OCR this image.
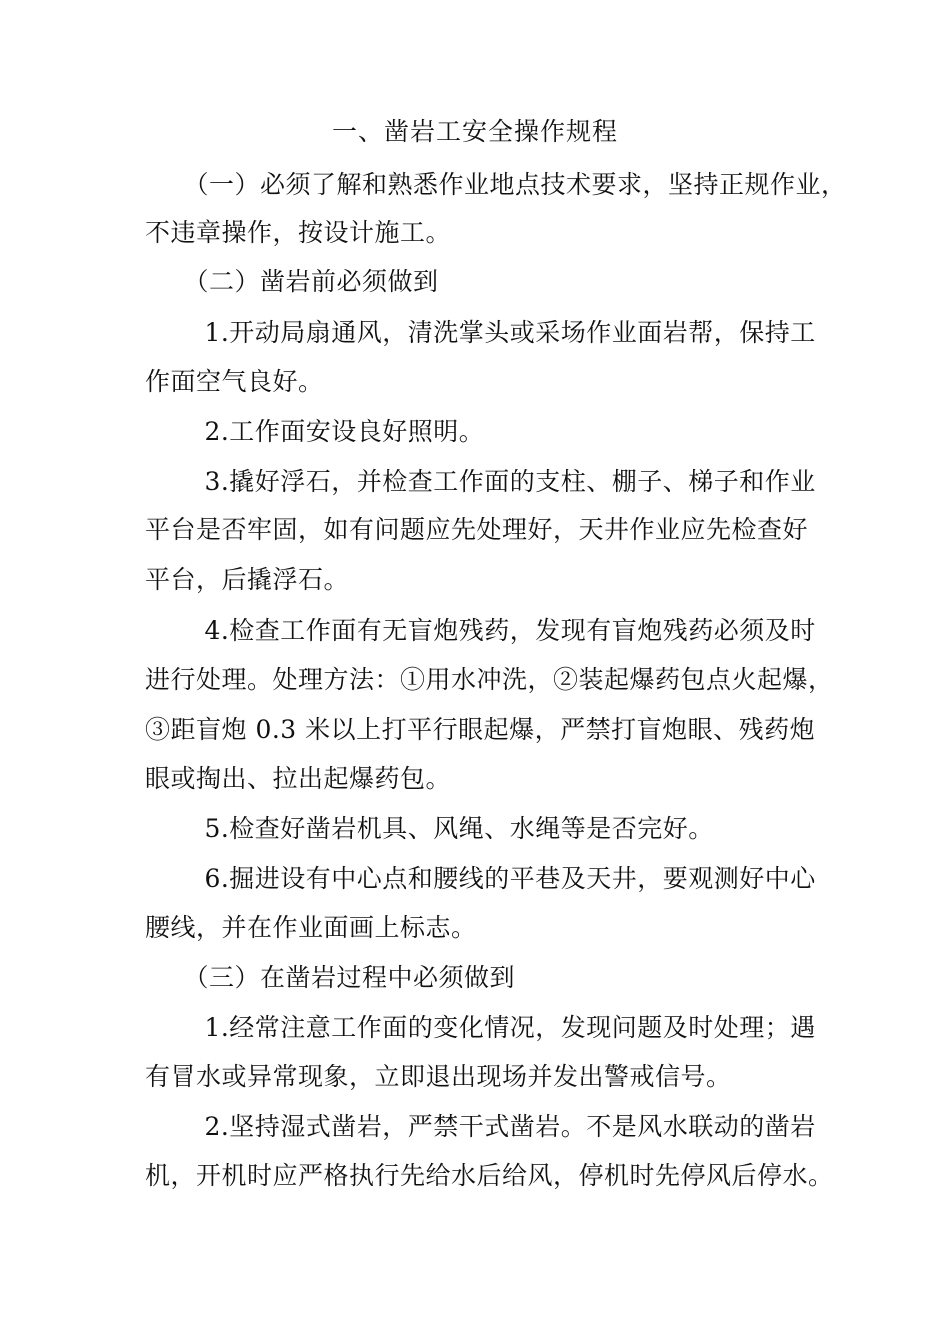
一、凿岩工安全操作规程
　　（一）必须了解和熟悉作业地点技术要求，坚持正规作业，
不违章操作，按设计施工。
　　（二）凿岩前必须做到
　　 1.开动局扇通风，清洗掌头或采场作业面岩帮，保持工
作面空气良好。
　　 2.工作面安设良好照明。
　　 3.撬好浮石，并检查工作面的支柱、棚子、梯子和作业
平台是否牢固，如有问题应先处理好，天井作业应先检查好
平台，后撬浮石。
　　 4.检查工作面有无盲炮残药，发现有盲炮残药必须及时
进行处理。处理方法：①用水冲洗，②装起爆药包点火起爆，
③距盲炮 0.3 米以上打平行眼起爆，严禁打盲炮眼、残药炮
眼或掏出、拉出起爆药包。
　　 5.检查好凿岩机具、风绳、水绳等是否完好。
　　 6.掘进设有中心点和腰线的平巷及天井，要观测好中心
腰线，并在作业面画上标志。
　　（三）在凿岩过程中必须做到
　　 1.经常注意工作面的变化情况，发现问题及时处理；遇
有冒水或异常现象，立即退出现场并发出警戒信号。
　　 2.坚持湿式凿岩，严禁干式凿岩。不是风水联动的凿岩
机，开机时应严格执行先给水后给风，停机时先停风后停水。
